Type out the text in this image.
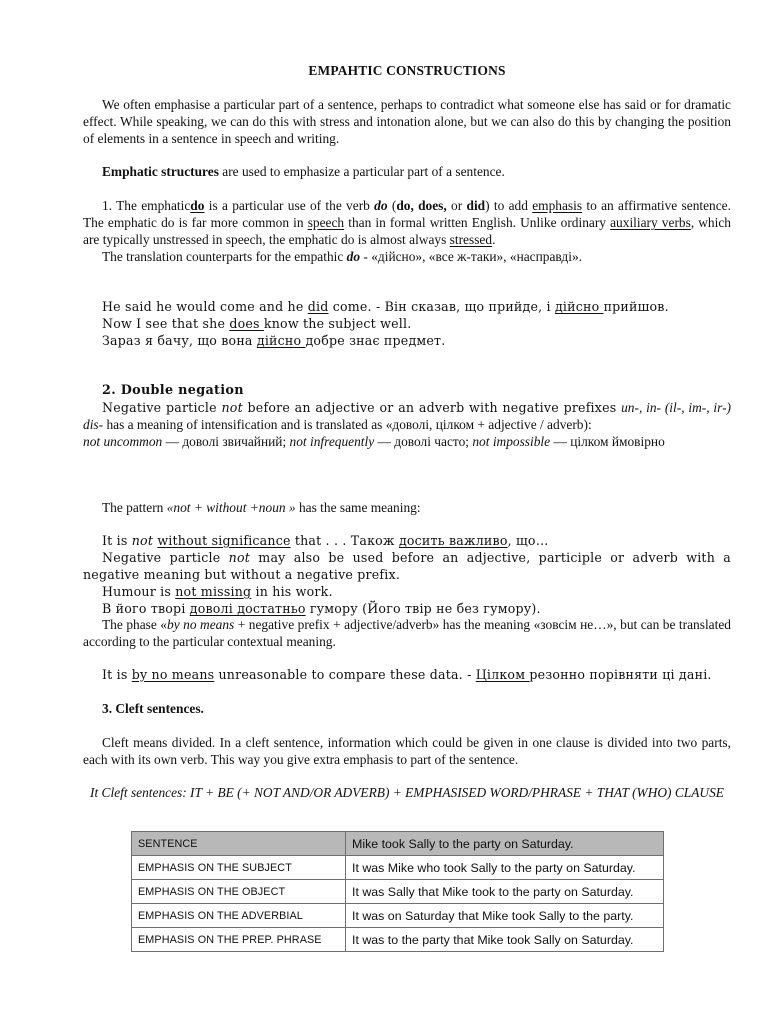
EMPAHTIC CONSTRUCTIONS

We often emphasise a particular part of a sentence, perhaps to contradict what someone else has said or for dramatic effect. While speaking, we can do this with stress and intonation alone, but we can also do this by changing the position of elements in a sentence in speech and writing.

Emphatic structures are used to emphasize a particular part of a sentence.

1. The emphaticdo is a particular use of the verb do (do, does, or did) to add emphasis to an affirmative sentence. The emphatic do is far more common in speech than in formal written English. Unlike ordinary auxiliary verbs, which are typically unstressed in speech, the emphatic do is almost always stressed.

The translation counterparts for the empathic do - «дійсно», «все ж-таки», «насправді».

He said he would come and he did come. - Він сказав, що прийде, і дійсно прийшов.

Now I see that she does know the subject well.

Зараз я бачу, що вона дійсно добре знає предмет.

2. Double negation

Negative particle not before an adjective or an adverb with negative prefixes un-, in- (il-, im-, ir-) dis- has a meaning of intensification and is translated as «доволі, цілком + adjective / adverb):

not uncommon — доволі звичайний; not infrequently — доволі часто; not impossible — цілком ймовірно

The pattern «not + without +noun » has the same meaning:

It is not without significance that . . . Також досить важливо, що…

Negative particle not may also be used before an adjective, participle or adverb with a negative meaning but without a negative prefix.

Humour is not missing in his work.

В його творі доволі достатньо гумору (Його твір не без гумору).

The phase «by no means + negative prefix + adjective/adverb» has the meaning «зовсім не…», but can be translated according to the particular contextual meaning.

It is by no means unreasonable to compare these data. - Цілком резонно порівняти ці дані.

3. Cleft sentences.

Cleft means divided. In a cleft sentence, information which could be given in one clause is divided into two parts, each with its own verb. This way you give extra emphasis to part of the sentence.

It Cleft sentences: IT + BE (+ NOT AND/OR ADVERB) + EMPHASISED WORD/PHRASE + THAT (WHO) CLAUSE

SENTENCE	Mike took Sally to the party on Saturday.
EMPHASIS ON THE SUBJECT	It was Mike who took Sally to the party on Saturday.
EMPHASIS ON THE OBJECT	It was Sally that Mike took to the party on Saturday.
EMPHASIS ON THE ADVERBIAL	It was on Saturday that Mike took Sally to the party.
EMPHASIS ON THE PREP. PHRASE	It was to the party that Mike took Sally on Saturday.
